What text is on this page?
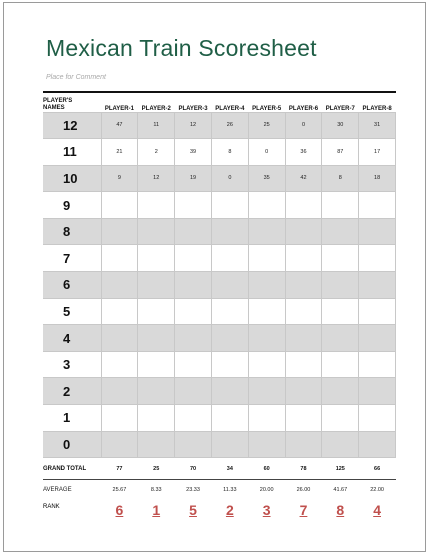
Mexican Train Scoresheet
Place for Comment
PLAYER'S
NAMES	PLAYER-1	PLAYER-2	PLAYER-3	PLAYER-4	PLAYER-5	PLAYER-6	PLAYER-7	PLAYER-8
12	47	11	12	26	25	0	30	31
11	21	2	39	8	0	36	87	17
10	9	12	19	0	35	42	8	18
9								
8								
7								
6								
5								
4								
3								
2								
1								
0								
GRAND TOTAL	77	25	70	34	60	78	125	66
AVERAGE	25.67	8.33	23.33	11.33	20.00	26.00	41.67	22.00
RANK	6	1	5	2	3	7	8	4
